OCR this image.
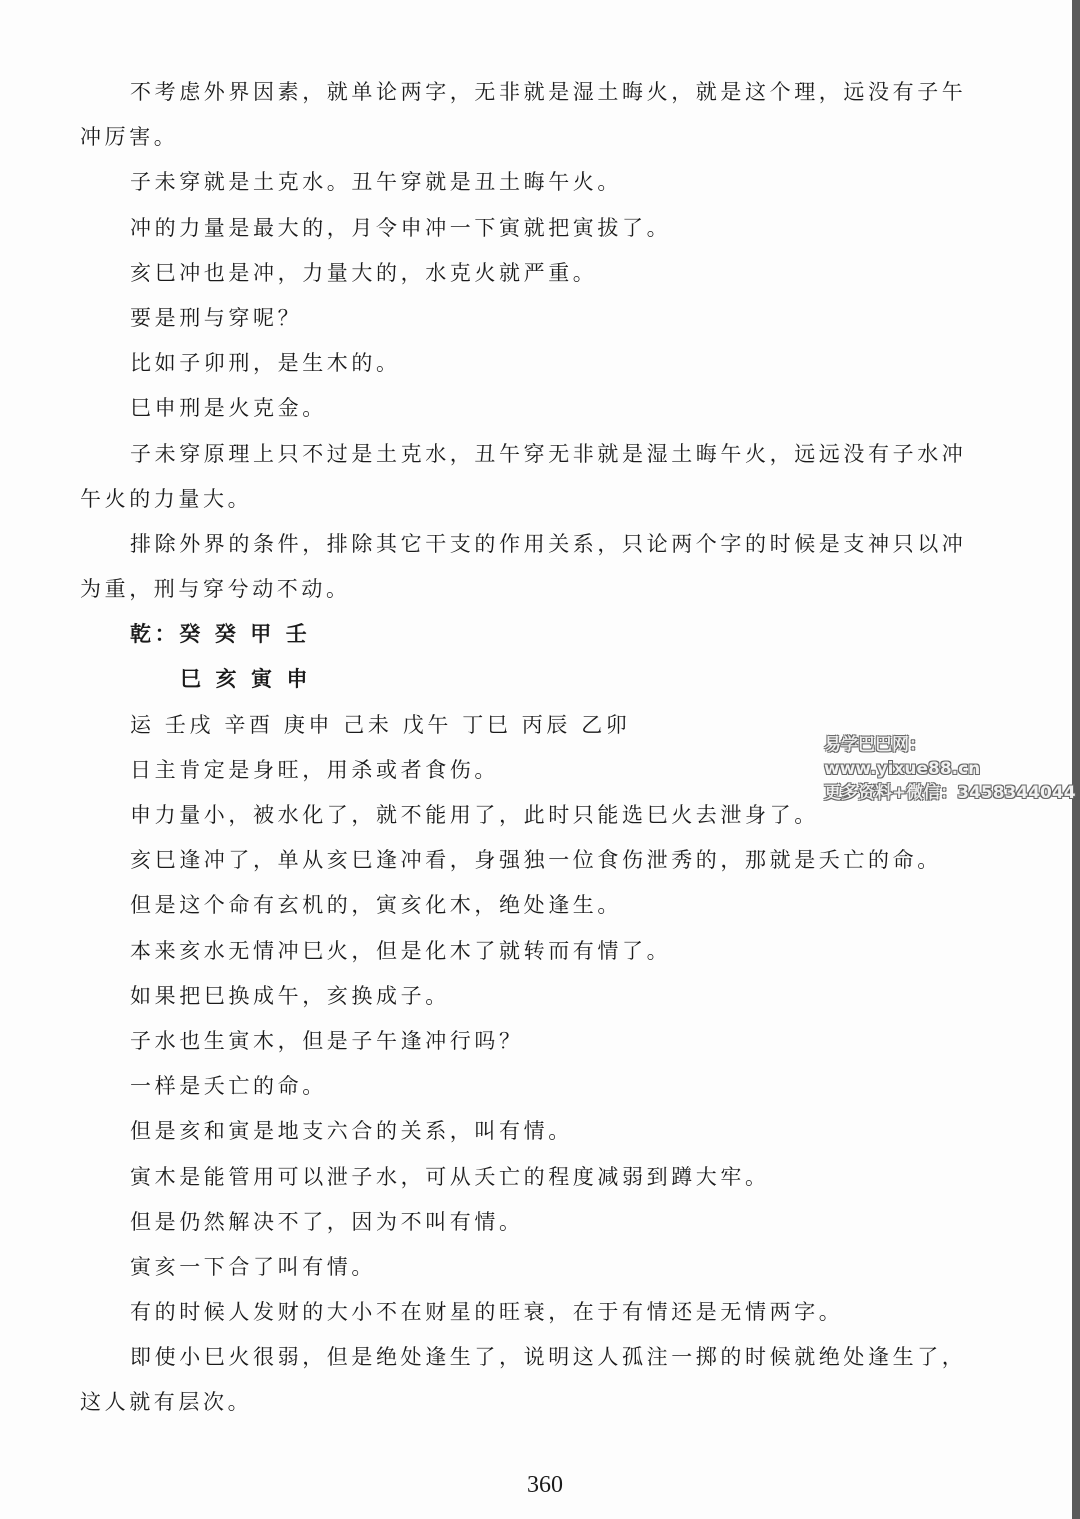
不考虑外界因素，就单论两字，无非就是湿土晦火，就是这个理，远没有子午
冲厉害。
子未穿就是土克水。丑午穿就是丑土晦午火。
冲的力量是最大的，月令申冲一下寅就把寅拔了。
亥巳冲也是冲，力量大的，水克火就严重。
要是刑与穿呢？
比如子卯刑，是生木的。
巳申刑是火克金。
子未穿原理上只不过是土克水，丑午穿无非就是湿土晦午火，远远没有子水冲
午火的力量大。
排除外界的条件，排除其它干支的作用关系，只论两个字的时候是支神只以冲
为重，刑与穿兮动不动。
乾：癸 癸 甲 壬
巳 亥 寅 申
运 壬戌 辛酉 庚申 己未 戊午 丁巳 丙辰 乙卯
日主肯定是身旺，用杀或者食伤。
申力量小，被水化了，就不能用了，此时只能选巳火去泄身了。
亥巳逢冲了，单从亥巳逢冲看，身强独一位食伤泄秀的，那就是夭亡的命。
但是这个命有玄机的，寅亥化木，绝处逢生。
本来亥水无情冲巳火，但是化木了就转而有情了。
如果把巳换成午，亥换成子。
子水也生寅木，但是子午逢冲行吗？
一样是夭亡的命。
但是亥和寅是地支六合的关系，叫有情。
寅木是能管用可以泄子水，可从夭亡的程度减弱到蹲大牢。
但是仍然解决不了，因为不叫有情。
寅亥一下合了叫有情。
有的时候人发财的大小不在财星的旺衰，在于有情还是无情两字。
即使小巳火很弱，但是绝处逢生了，说明这人孤注一掷的时候就绝处逢生了，
这人就有层次。
易学巴巴网：www.yixue88.cn
更多资料+微信：3458344044
360
